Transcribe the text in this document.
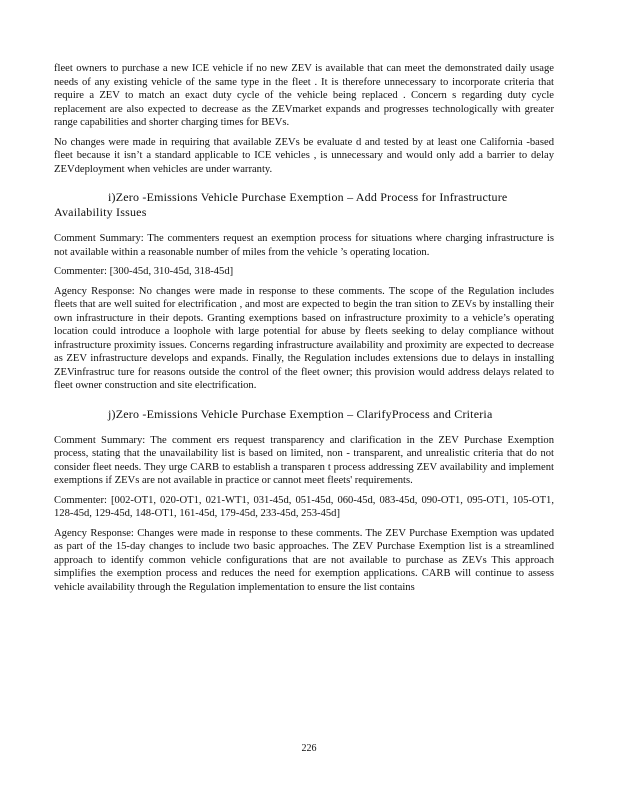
fleet owners to purchase a new ICE vehicle if no new ZEV is available that can meet the demonstrated daily usage needs of any existing vehicle of the same type in the fleet . It is therefore unnecessary to incorporate criteria that require a ZEV to match an exact duty cycle of the vehicle being replaced . Concern s regarding duty cycle replacement are also expected to decrease as the ZEVmarket expands and progresses technologically with greater range capabilities and shorter charging times for BEVs.

No changes were made in requiring that available ZEVs be evaluate d and tested by at least one California -based fleet because it isn’t a standard applicable to ICE vehicles , is unnecessary and would only add a barrier to delay ZEVdeployment when vehicles are under warranty.

i)Zero -Emissions Vehicle Purchase Exemption – Add Process for Infrastructure Availability Issues

Comment Summary: The commenters request an exemption process for situations where charging infrastructure is not available within a reasonable number of miles from the vehicle ’s operating location.

Commenter: [300-45d, 310-45d, 318-45d]

Agency Response: No changes were made in response to these comments. The scope of the Regulation includes fleets that are well suited for electrification , and most are expected to begin the tran sition to ZEVs by installing their own infrastructure in their depots. Granting exemptions based on infrastructure proximity to a vehicle’s operating location could introduce a loophole with large potential for abuse by fleets seeking to delay compliance without infrastructure proximity issues. Concerns regarding infrastructure availability and proximity are expected to decrease as ZEV infrastructure develops and expands. Finally, the Regulation includes extensions due to delays in installing ZEVinfrastruc ture for reasons outside the control of the fleet owner; this provision would address delays related to fleet owner construction and site electrification.

j)Zero -Emissions Vehicle Purchase Exemption – ClarifyProcess and Criteria

Comment Summary: The comment ers request transparency and clarification in the ZEV Purchase Exemption process, stating that the unavailability list is based on limited, non - transparent, and unrealistic criteria that do not consider fleet needs. They urge CARB to establish a transparen t process addressing ZEV availability and implement exemptions if ZEVs are not available in practice or cannot meet fleets' requirements.

Commenter: [002-OT1, 020-OT1, 021-WT1, 031-45d, 051-45d, 060-45d, 083-45d, 090-OT1, 095-OT1, 105-OT1, 128-45d, 129-45d, 148-OT1, 161-45d, 179-45d, 233-45d, 253-45d]

Agency Response: Changes were made in response to these comments. The ZEV Purchase Exemption was updated as part of the 15-day changes to include two basic approaches. The ZEV Purchase Exemption list is a streamlined approach to identify common vehicle configurations that are not available to purchase as ZEVs This approach simplifies the exemption process and reduces the need for exemption applications. CARB will continue to assess vehicle availability through the Regulation implementation to ensure the list contains

226
